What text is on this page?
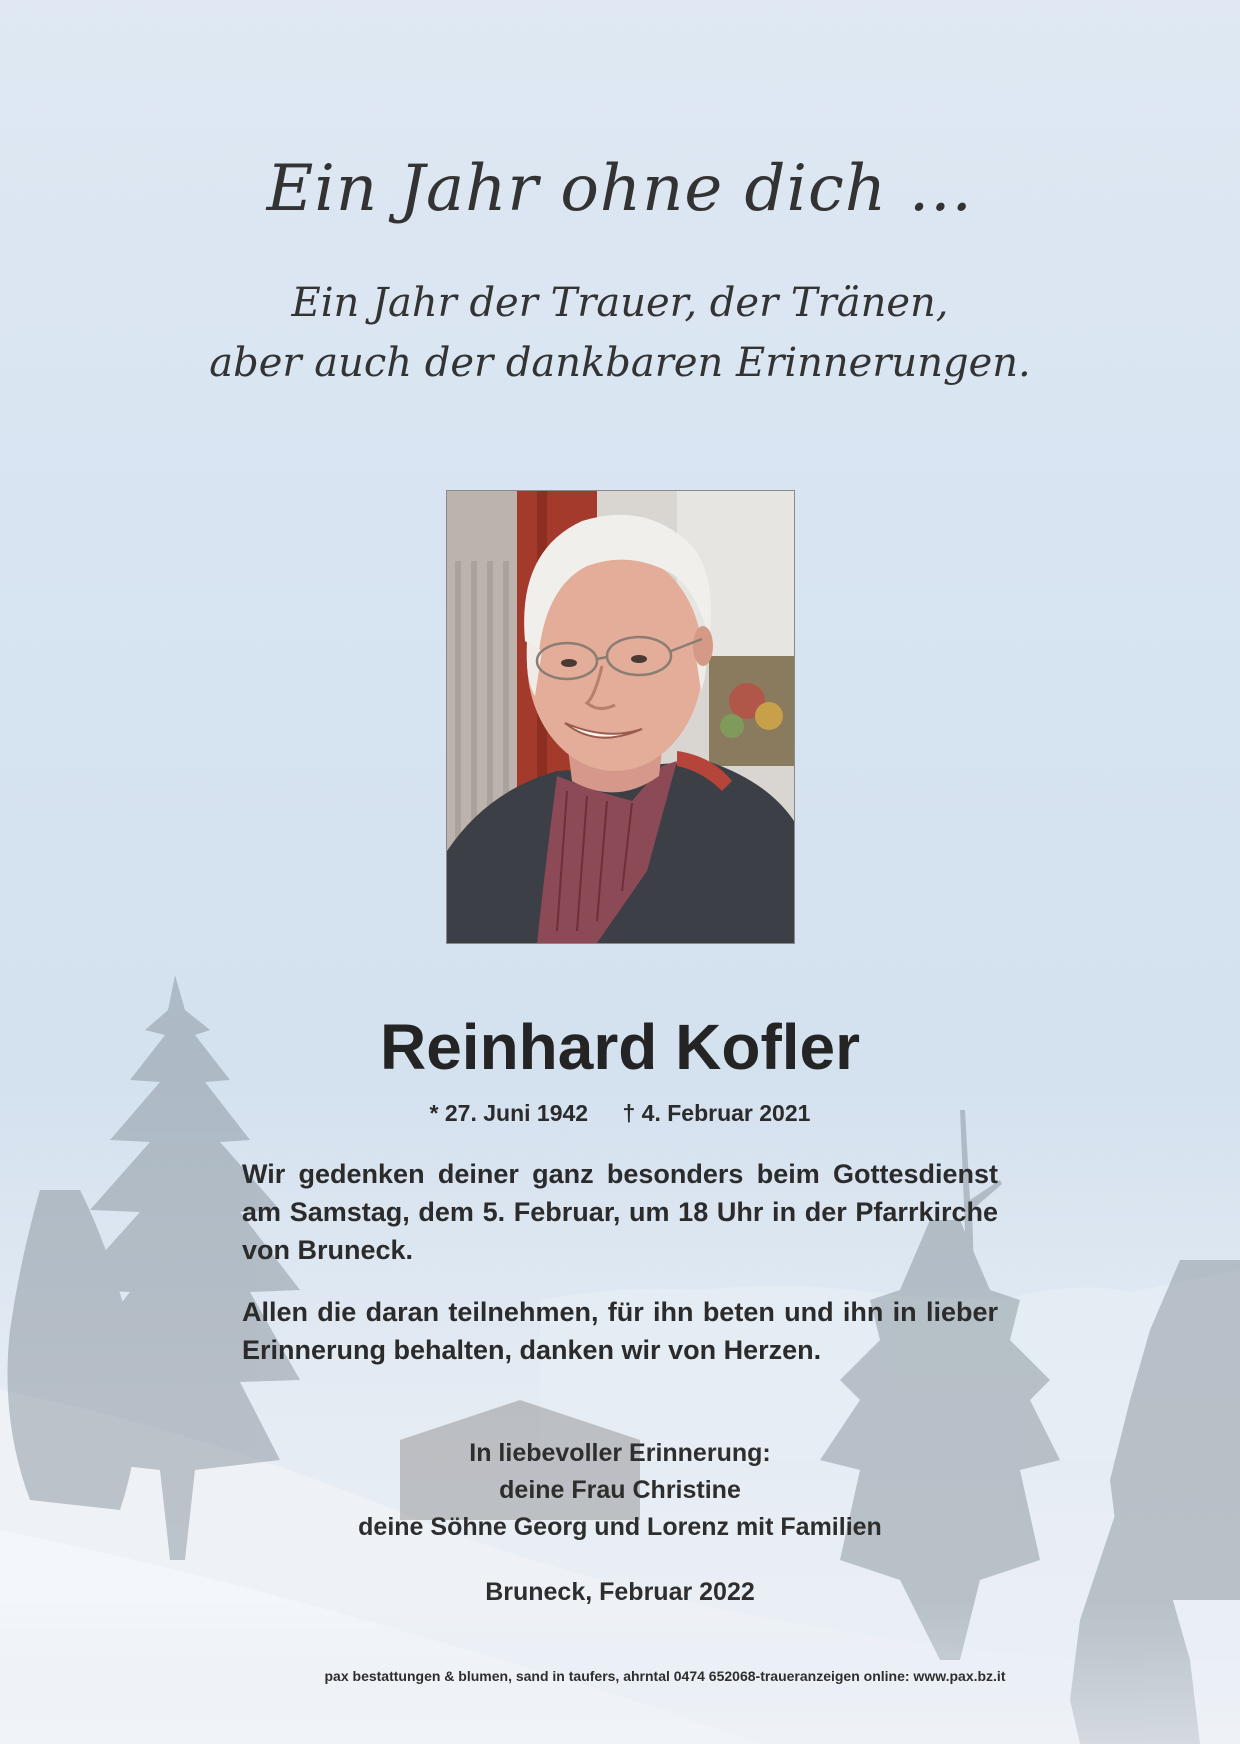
Ein Jahr ohne dich …
Ein Jahr der Trauer, der Tränen,
aber auch der dankbaren Erinnerungen.
Reinhard Kofler
* 27. Juni 1942 † 4. Februar 2021
Wir gedenken deiner ganz besonders beim Gottesdienst am Samstag, dem 5. Februar, um 18 Uhr in der Pfarrkirche von Bruneck.
Allen die daran teilnehmen, für ihn beten und ihn in lieber Erinnerung behalten, danken wir von Herzen.
In liebevoller Erinnerung:
deine Frau Christine
deine Söhne Georg und Lorenz mit Familien
Bruneck, Februar 2022
pax bestattungen & blumen, sand in taufers, ahrntal 0474 652068-traueranzeigen online: www.pax.bz.it
